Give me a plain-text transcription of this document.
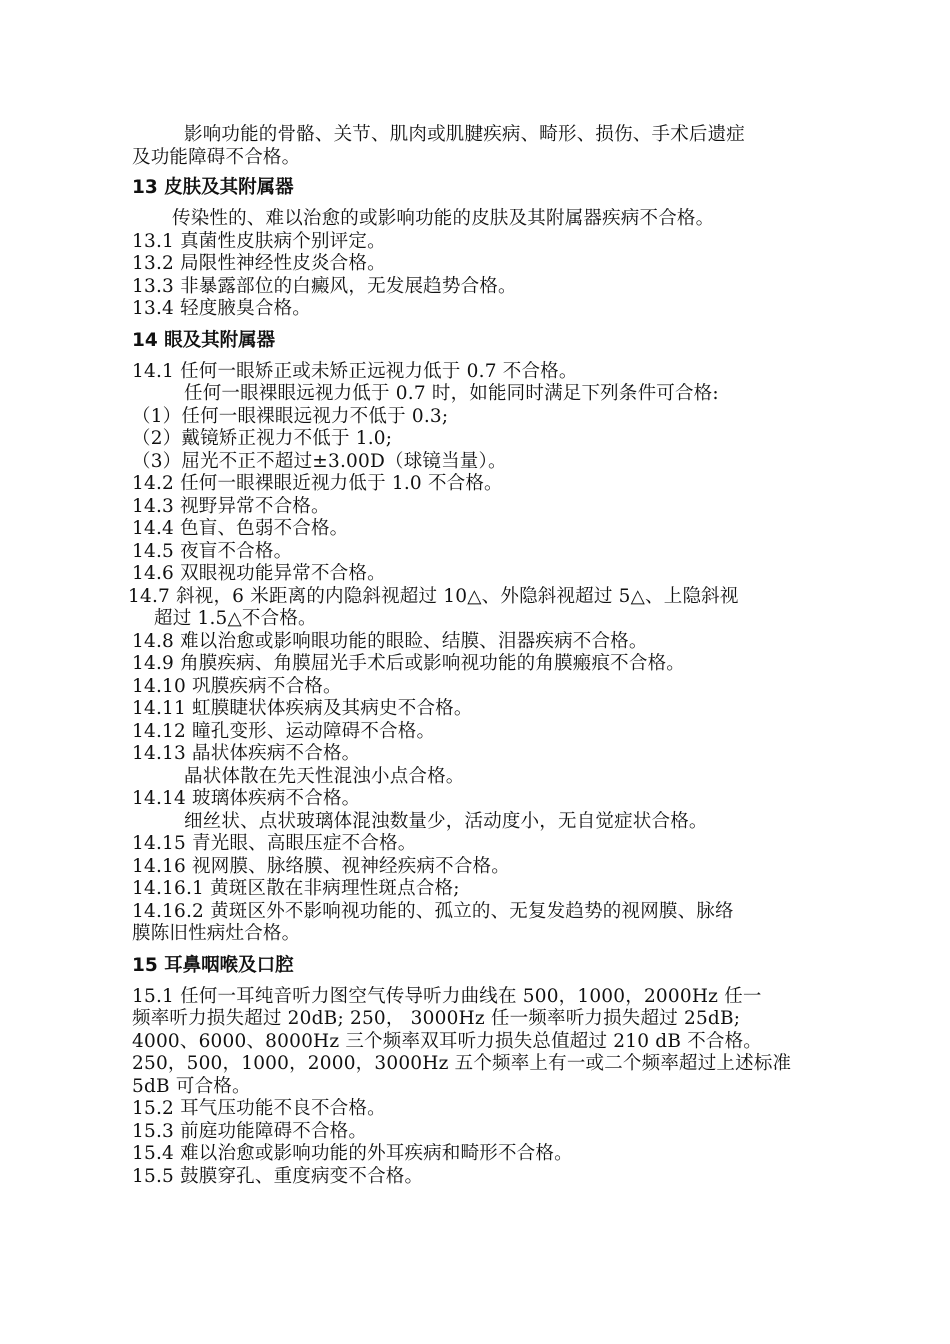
影响功能的骨骼、关节、肌肉或肌腱疾病、畸形、损伤、手术后遗症

及功能障碍不合格。

13 皮肤及其附属器

传染性的、难以治愈的或影响功能的皮肤及其附属器疾病不合格。

13.1 真菌性皮肤病个别评定。

13.2 局限性神经性皮炎合格。

13.3 非暴露部位的白癜风，无发展趋势合格。

13.4 轻度腋臭合格。

14 眼及其附属器

14.1 任何一眼矫正或未矫正远视力低于 0.7 不合格。

任何一眼裸眼远视力低于 0.7 时，如能同时满足下列条件可合格:

（1）任何一眼裸眼远视力不低于 0.3;

（2）戴镜矫正视力不低于 1.0;

（3）屈光不正不超过±3.00D（球镜当量）。

14.2 任何一眼裸眼近视力低于 1.0 不合格。

14.3 视野异常不合格。

14.4 色盲、色弱不合格。

14.5 夜盲不合格。

14.6 双眼视功能异常不合格。

14.7 斜视，6 米距离的内隐斜视超过 10△、外隐斜视超过 5△、上隐斜视

超过 1.5△不合格。

14.8 难以治愈或影响眼功能的眼睑、结膜、泪器疾病不合格。

14.9 角膜疾病、角膜屈光手术后或影响视功能的角膜瘢痕不合格。

14.10 巩膜疾病不合格。

14.11 虹膜睫状体疾病及其病史不合格。

14.12 瞳孔变形、运动障碍不合格。

14.13 晶状体疾病不合格。

晶状体散在先天性混浊小点合格。

14.14 玻璃体疾病不合格。

细丝状、点状玻璃体混浊数量少，活动度小，无自觉症状合格。

14.15 青光眼、高眼压症不合格。

14.16 视网膜、脉络膜、视神经疾病不合格。

14.16.1 黄斑区散在非病理性斑点合格;

14.16.2 黄斑区外不影响视功能的、孤立的、无复发趋势的视网膜、脉络

膜陈旧性病灶合格。

15 耳鼻咽喉及口腔

15.1 任何一耳纯音听力图空气传导听力曲线在 500，1000，2000Hz 任一

频率听力损失超过 20dB; 250， 3000Hz 任一频率听力损失超过 25dB;

4000、6000、8000Hz 三个频率双耳听力损失总值超过 210 dB 不合格。

250，500，1000，2000，3000Hz 五个频率上有一或二个频率超过上述标准

5dB 可合格。

15.2 耳气压功能不良不合格。

15.3 前庭功能障碍不合格。

15.4 难以治愈或影响功能的外耳疾病和畸形不合格。

15.5 鼓膜穿孔、重度病变不合格。
